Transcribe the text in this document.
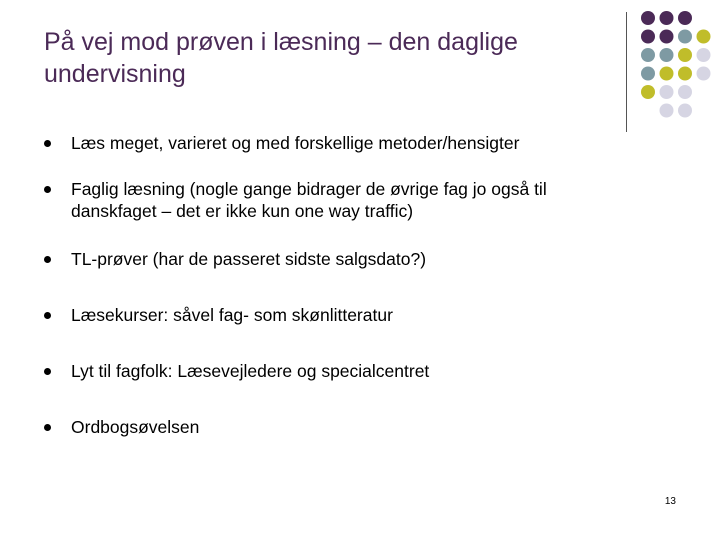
På vej mod prøven i læsning – den daglige
undervisning
Læs meget, varieret og med forskellige metoder/hensigter
Faglig læsning (nogle gange bidrager de øvrige fag jo også til
danskfaget – det er ikke kun one way traffic)
TL-prøver (har de passeret sidste salgsdato?)
Læsekurser: såvel fag- som skønlitteratur
Lyt til fagfolk: Læsevejledere og specialcentret
Ordbogsøvelsen
13
